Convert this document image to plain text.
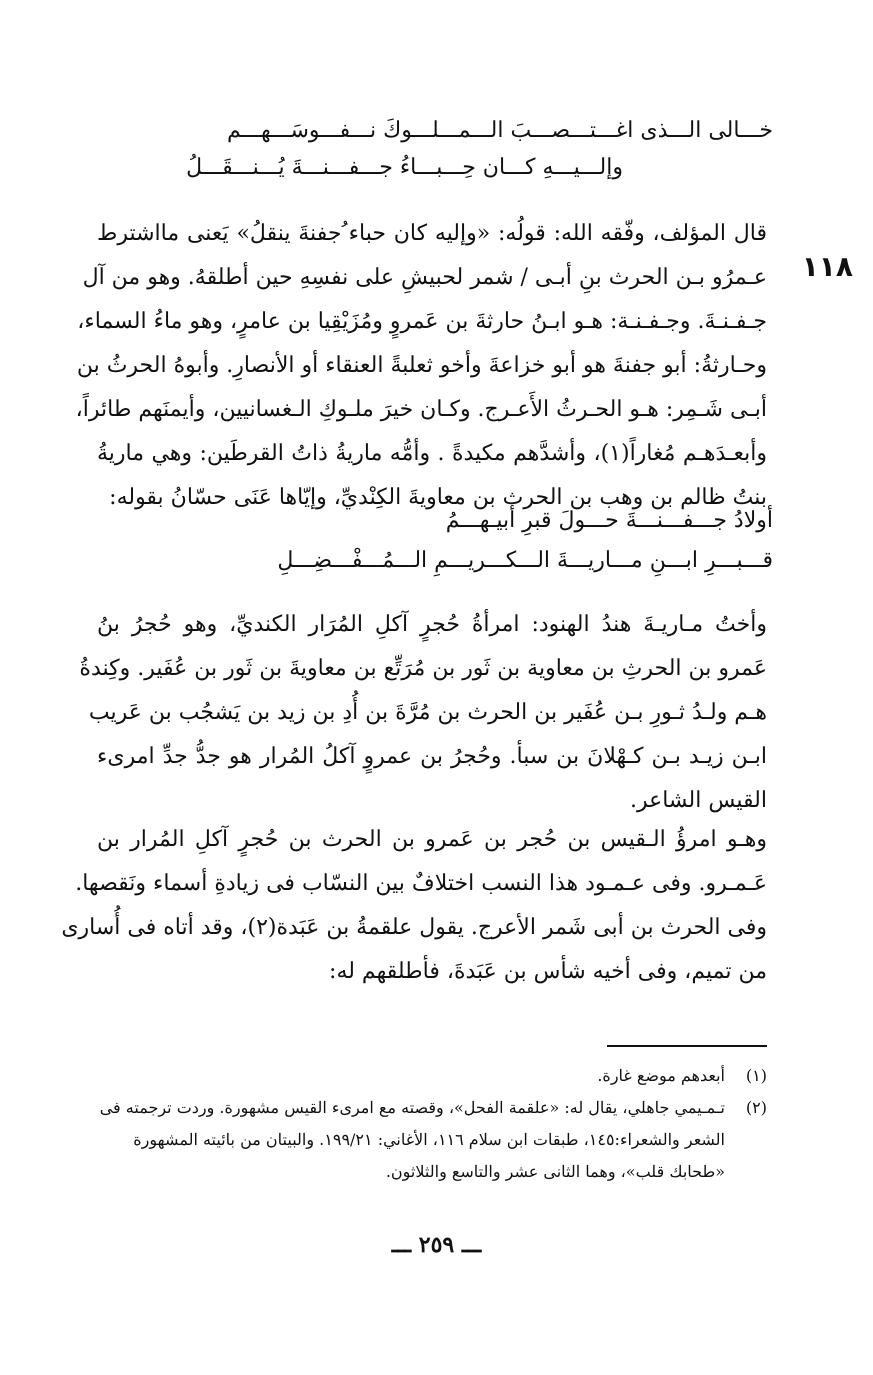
١١٨
خـــالى الـــذى اغـــتـــصـــبَ الـــمـــلـــوكَ نـــفـــوسَـــهـــم
وإلـــيـــهِ كـــان حِـــبـــاءُ جـــفـــنـــةَ يُـــنـــقَـــلُ
قال المؤلف، وفّقه الله: قولُه: «وإليه كان حباء ُجفنةَ ينقلُ» يَعنى مااشترط
عـمرُو بـن الحرث بنِ أبـى / شمر لحبيشِ على نفسِهِ حين أطلقهُ. وهو من آل
جـفـنـةَ. وجـفـنـة: هـو ابـنُ حارثةَ بن عَمروٍ ومُزَيْقِيا بن عامرٍ، وهو ماءُ السماء،
وحـارثةُ: أبو جفنةَ هو أبو خزاعةَ وأخو ثعلبةً العنقاء أو الأنصارِ. وأبوهُ الحرثُ بن
أبـى شَـمِر: هـو الحـرثُ الأَعـرج. وكـان خيرَ ملـوكِ الـغسانيين، وأيمنَهم طائراً،
وأبعـدَهـم مُغاراً(١)، وأشدَّهم مكيدةً . وأمُّه ماريةُ ذاتُ القرطَين: وهي ماريةُ
بنتُ ظالم بن وهب بن الحرث بن معاويةَ الكِنْديِّ، وإيّاها عَنَى حسّانُ بقوله:
أولادُ جـــفـــنـــةَ حـــولَ قبرِ أبيـهـــمُ
قـــبـــرِ ابـــنِ مـــاريـــةَ الـــكـــريـــمِ الـــمُـــفْـــضِـــلِ
وأختُ مـاريـةَ هندُ الهنود: امرأةُ حُجرٍ آكلِ المُرَار الكنديِّ، وهو حُجرُ بنُ
عَمرو بن الحرثِ بن معاوية بن ثَور بن مُرَتِّع بن معاويةَ بن ثَور بن عُفَير. وكِندةُ
هـم ولـدُ ثـورِ بـن عُفَير بن الحرث بن مُرَّةَ بن أُدِ بن زيد بن يَشجُب بن عَريب
ابـن زيـد بـن كـهْلانَ بن سبأ. وحُجرُ بن عمروٍ آكلُ المُرار هو جدُّ جدِّ امرىء
القيس الشاعر.
وهـو امرؤُ الـقيس بن حُجر بن عَمرو بن الحرث بن حُجرٍ آكلِ المُرار بن
عَـمـرو. وفى عـمـود هذا النسب اختلافٌ بين النسّاب فى زيادةِ أسماء ونَقصها.
وفى الحرث بن أبى شَمر الأعرج. يقول علقمةُ بن عَبَدة(٢)، وقد أتاه فى أُسارى
من تميم، وفى أخيه شأس بن عَبَدةَ، فأطلقهم له:
(١)
أبعدهم موضع غارة.
(٢)
تـمـيمي جاهلي، يقال له: «علقمة الفحل»، وقصته مع امرىء القيس مشهورة. وردت ترجمته فى
الشعر والشعراء:١٤٥، طبقات ابن سلام ١١٦، الأغاني: ١٩٩/٢١. والبيتان من بائيته المشهورة
«طحابك قلب»، وهما الثانى عشر والتاسع والثلاثون.
ـــ ٢٥٩ ـــ
